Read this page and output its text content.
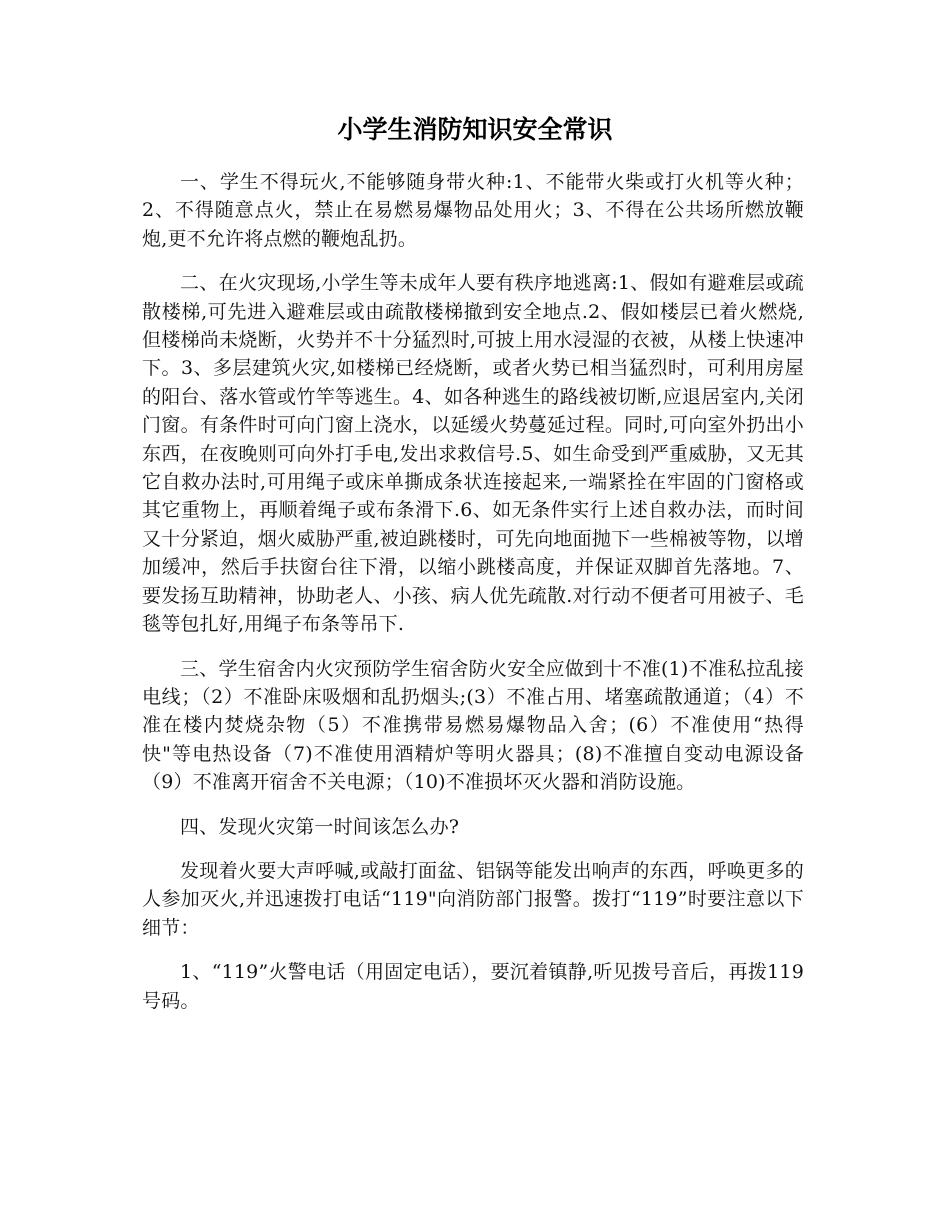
小学生消防知识安全常识

一、学生不得玩火,不能够随身带火种:1、不能带火柴或打火机等火种；2、不得随意点火，禁止在易燃易爆物品处用火；3、不得在公共场所燃放鞭炮,更不允许将点燃的鞭炮乱扔。

二、在火灾现场,小学生等未成年人要有秩序地逃离:1、假如有避难层或疏散楼梯,可先进入避难层或由疏散楼梯撤到安全地点.2、假如楼层已着火燃烧,但楼梯尚未烧断，火势并不十分猛烈时,可披上用水浸湿的衣被，从楼上快速冲下。3、多层建筑火灾,如楼梯已经烧断，或者火势已相当猛烈时，可利用房屋的阳台、落水管或竹竿等逃生。4、如各种逃生的路线被切断,应退居室内,关闭门窗。有条件时可向门窗上浇水，以延缓火势蔓延过程。同时,可向室外扔出小东西，在夜晚则可向外打手电,发出求救信号.5、如生命受到严重威胁，又无其它自救办法时,可用绳子或床单撕成条状连接起来,一端紧拴在牢固的门窗格或其它重物上，再顺着绳子或布条滑下.6、如无条件实行上述自救办法，而时间又十分紧迫，烟火威胁严重,被迫跳楼时，可先向地面抛下一些棉被等物，以增加缓冲，然后手扶窗台往下滑，以缩小跳楼高度，并保证双脚首先落地。7、要发扬互助精神，协助老人、小孩、病人优先疏散.对行动不便者可用被子、毛毯等包扎好,用绳子布条等吊下.

三、学生宿舍内火灾预防学生宿舍防火安全应做到十不准(1)不准私拉乱接电线；（2）不准卧床吸烟和乱扔烟头;(3）不准占用、堵塞疏散通道；（4）不准在楼内焚烧杂物（5）不准携带易燃易爆物品入舍；(6）不准使用“热得快"等电热设备（7)不准使用酒精炉等明火器具；(8)不准擅自变动电源设备（9）不准离开宿舍不关电源；（10)不准损坏灭火器和消防设施。

四、发现火灾第一时间该怎么办?

发现着火要大声呼喊,或敲打面盆、铝锅等能发出响声的东西，呼唤更多的人参加灭火,并迅速拨打电话“119"向消防部门报警。拨打“119”时要注意以下细节：

1、“119”火警电话（用固定电话），要沉着镇静,听见拨号音后，再拨119号码。
